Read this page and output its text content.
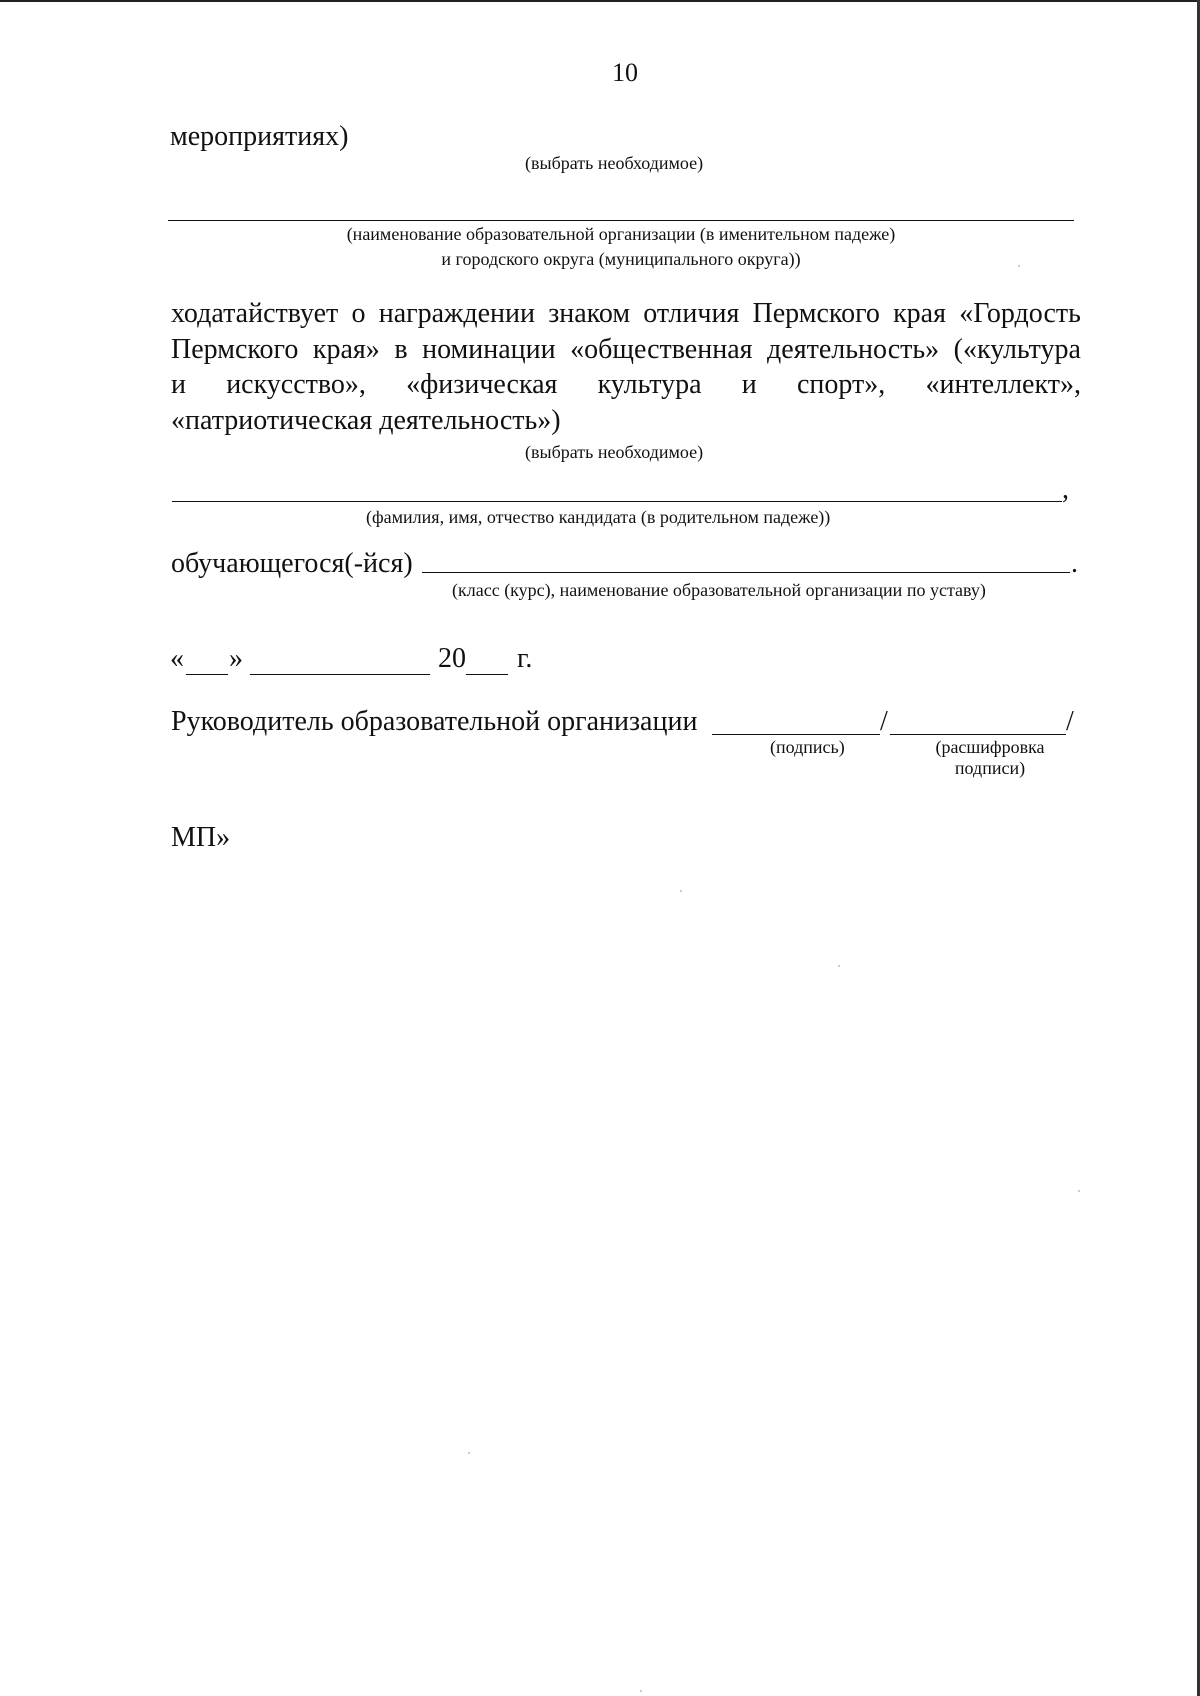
10
мероприятиях)
(выбрать необходимое)
(наименование образовательной организации (в именительном падеже)
и городского округа (муниципального округа))
ходатайствует о награждении знаком отличия Пермского края «Гордость
Пермского края» в номинации «общественная деятельность» («культура
и искусство», «физическая культура и спорт», «интеллект»,
«патриотическая деятельность»)
(выбрать необходимое)
,
(фамилия, имя, отчество кандидата (в родительном падеже))
обучающегося(-йся)	.
(класс (курс), наименование образовательной организации по уставу)
« »	20 г.
Руководитель образовательной организации	/	/
(подпись)	(расшифровка
подписи)
МП»
